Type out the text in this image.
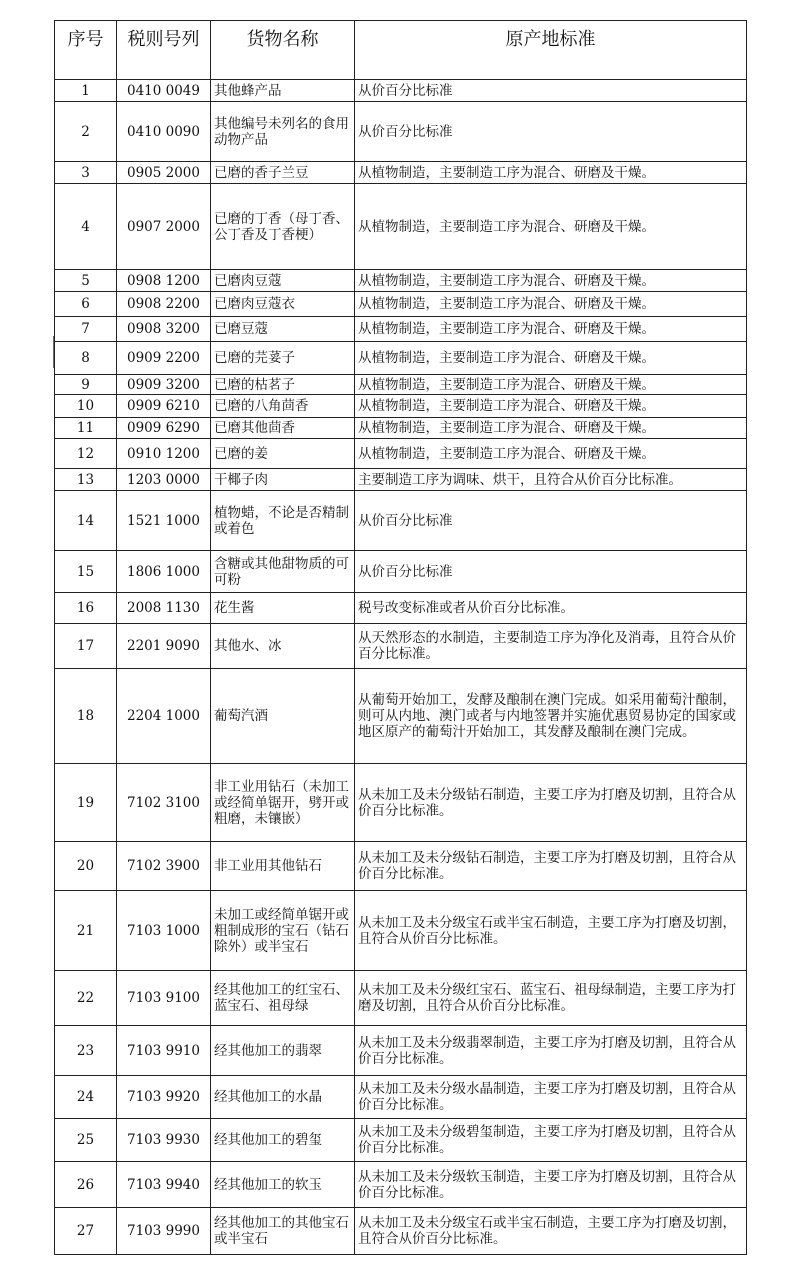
序号	税则号列	货物名称	原产地标准
1	0410 0049	其他蜂产品	从价百分比标准
2	0410 0090	其他编号未列名的食用动物产品	从价百分比标准
3	0905 2000	已磨的香子兰豆	从植物制造，主要制造工序为混合、研磨及干燥。
4	0907 2000	已磨的丁香（母丁香、公丁香及丁香梗）	从植物制造，主要制造工序为混合、研磨及干燥。
5	0908 1200	已磨肉豆蔻	从植物制造，主要制造工序为混合、研磨及干燥。
6	0908 2200	已磨肉豆蔻衣	从植物制造，主要制造工序为混合、研磨及干燥。
7	0908 3200	已磨豆蔻	从植物制造，主要制造工序为混合、研磨及干燥。
8	0909 2200	已磨的芫荽子	从植物制造，主要制造工序为混合、研磨及干燥。
9	0909 3200	已磨的枯茗子	从植物制造，主要制造工序为混合、研磨及干燥。
10	0909 6210	已磨的八角茴香	从植物制造，主要制造工序为混合、研磨及干燥。
11	0909 6290	已磨其他茴香	从植物制造，主要制造工序为混合、研磨及干燥。
12	0910 1200	已磨的姜	从植物制造，主要制造工序为混合、研磨及干燥。
13	1203 0000	干椰子肉	主要制造工序为调味、烘干，且符合从价百分比标准。
14	1521 1000	植物蜡，不论是否精制或着色	从价百分比标准
15	1806 1000	含糖或其他甜物质的可可粉	从价百分比标准
16	2008 1130	花生酱	税号改变标准或者从价百分比标准。
17	2201 9090	其他水、冰	从天然形态的水制造，主要制造工序为净化及消毒，且符合从价百分比标准。
18	2204 1000	葡萄汽酒	从葡萄开始加工，发酵及酿制在澳门完成。如采用葡萄汁酿制，则可从内地、澳门或者与内地签署并实施优惠贸易协定的国家或地区原产的葡萄汁开始加工，其发酵及酿制在澳门完成。
19	7102 3100	非工业用钻石（未加工或经简单锯开，劈开或粗磨，未镶嵌）	从未加工及未分级钻石制造，主要工序为打磨及切割，且符合从价百分比标准。
20	7102 3900	非工业用其他钻石	从未加工及未分级钻石制造，主要工序为打磨及切割，且符合从价百分比标准。
21	7103 1000	未加工或经简单锯开或粗制成形的宝石（钻石除外）或半宝石	从未加工及未分级宝石或半宝石制造，主要工序为打磨及切割，且符合从价百分比标准。
22	7103 9100	经其他加工的红宝石、蓝宝石、祖母绿	从未加工及未分级红宝石、蓝宝石、祖母绿制造，主要工序为打磨及切割，且符合从价百分比标准。
23	7103 9910	经其他加工的翡翠	从未加工及未分级翡翠制造，主要工序为打磨及切割，且符合从价百分比标准。
24	7103 9920	经其他加工的水晶	从未加工及未分级水晶制造，主要工序为打磨及切割，且符合从价百分比标准。
25	7103 9930	经其他加工的碧玺	从未加工及未分级碧玺制造，主要工序为打磨及切割，且符合从价百分比标准。
26	7103 9940	经其他加工的软玉	从未加工及未分级软玉制造，主要工序为打磨及切割，且符合从价百分比标准。
27	7103 9990	经其他加工的其他宝石或半宝石	从未加工及未分级宝石或半宝石制造，主要工序为打磨及切割，且符合从价百分比标准。
